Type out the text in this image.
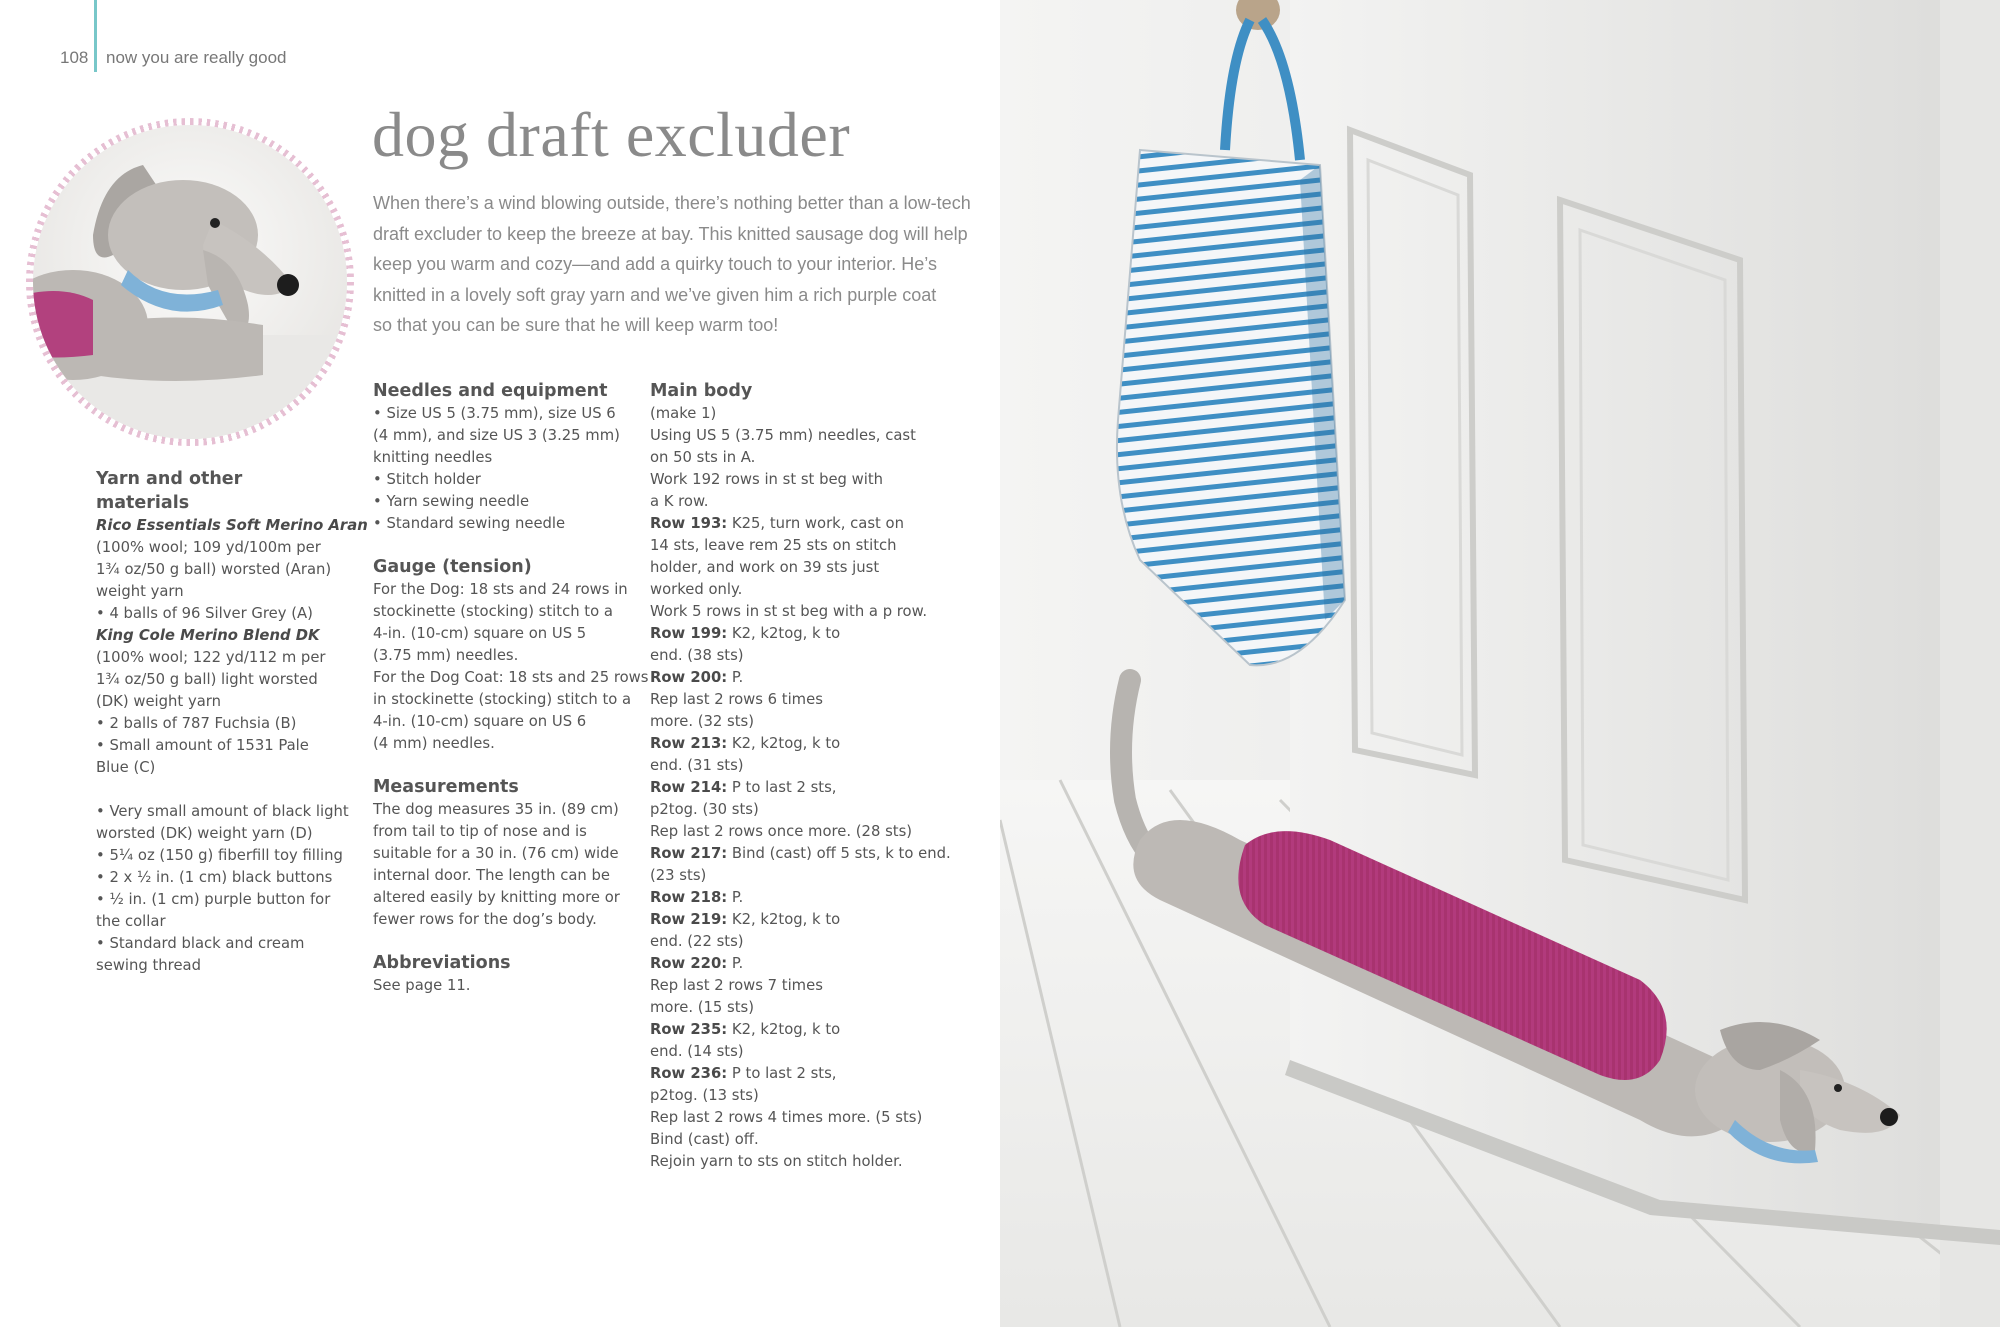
108 now you are really good
dog draft excluder
When there’s a wind blowing outside, there’s nothing better than a low-tech
draft excluder to keep the breeze at bay. This knitted sausage dog will help
keep you warm and cozy—and add a quirky touch to your interior. He’s
knitted in a lovely soft gray yarn and we’ve given him a rich purple coat
so that you can be sure that he will keep warm too!
Yarn and other materials
Rico Essentials Soft Merino Aran
(100% wool; 109 yd/100m per
1¾ oz/50 g ball) worsted (Aran)
weight yarn
• 4 balls of 96 Silver Grey (A)
King Cole Merino Blend DK
(100% wool; 122 yd/112 m per
1¾ oz/50 g ball) light worsted
(DK) weight yarn
• 2 balls of 787 Fuchsia (B)
• Small amount of 1531 Pale
Blue (C)
• Very small amount of black light
worsted (DK) weight yarn (D)
• 5¼ oz (150 g) fiberfill toy filling
• 2 x ½ in. (1 cm) black buttons
• ½ in. (1 cm) purple button for
the collar
• Standard black and cream
sewing thread
Needles and equipment
• Size US 5 (3.75 mm), size US 6
(4 mm), and size US 3 (3.25 mm)
knitting needles
• Stitch holder
• Yarn sewing needle
• Standard sewing needle
Gauge (tension)
For the Dog: 18 sts and 24 rows in
stockinette (stocking) stitch to a
4-in. (10-cm) square on US 5
(3.75 mm) needles.
For the Dog Coat: 18 sts and 25 rows
in stockinette (stocking) stitch to a
4-in. (10-cm) square on US 6
(4 mm) needles.
Measurements
The dog measures 35 in. (89 cm)
from tail to tip of nose and is
suitable for a 30 in. (76 cm) wide
internal door. The length can be
altered easily by knitting more or
fewer rows for the dog’s body.
Abbreviations
See page 11.
Main body
(make 1)
Using US 5 (3.75 mm) needles, cast
on 50 sts in A.
Work 192 rows in st st beg with
a K row.
Row 193: K25, turn work, cast on
14 sts, leave rem 25 sts on stitch
holder, and work on 39 sts just
worked only.
Work 5 rows in st st beg with a p row.
Row 199: K2, k2tog, k to
end. (38 sts)
Row 200: P.
Rep last 2 rows 6 times
more. (32 sts)
Row 213: K2, k2tog, k to
end. (31 sts)
Row 214: P to last 2 sts,
p2tog. (30 sts)
Rep last 2 rows once more. (28 sts)
Row 217: Bind (cast) off 5 sts, k to end.
(23 sts)
Row 218: P.
Row 219: K2, k2tog, k to
end. (22 sts)
Row 220: P.
Rep last 2 rows 7 times
more. (15 sts)
Row 235: K2, k2tog, k to
end. (14 sts)
Row 236: P to last 2 sts,
p2tog. (13 sts)
Rep last 2 rows 4 times more. (5 sts)
Bind (cast) off.
Rejoin yarn to sts on stitch holder.
